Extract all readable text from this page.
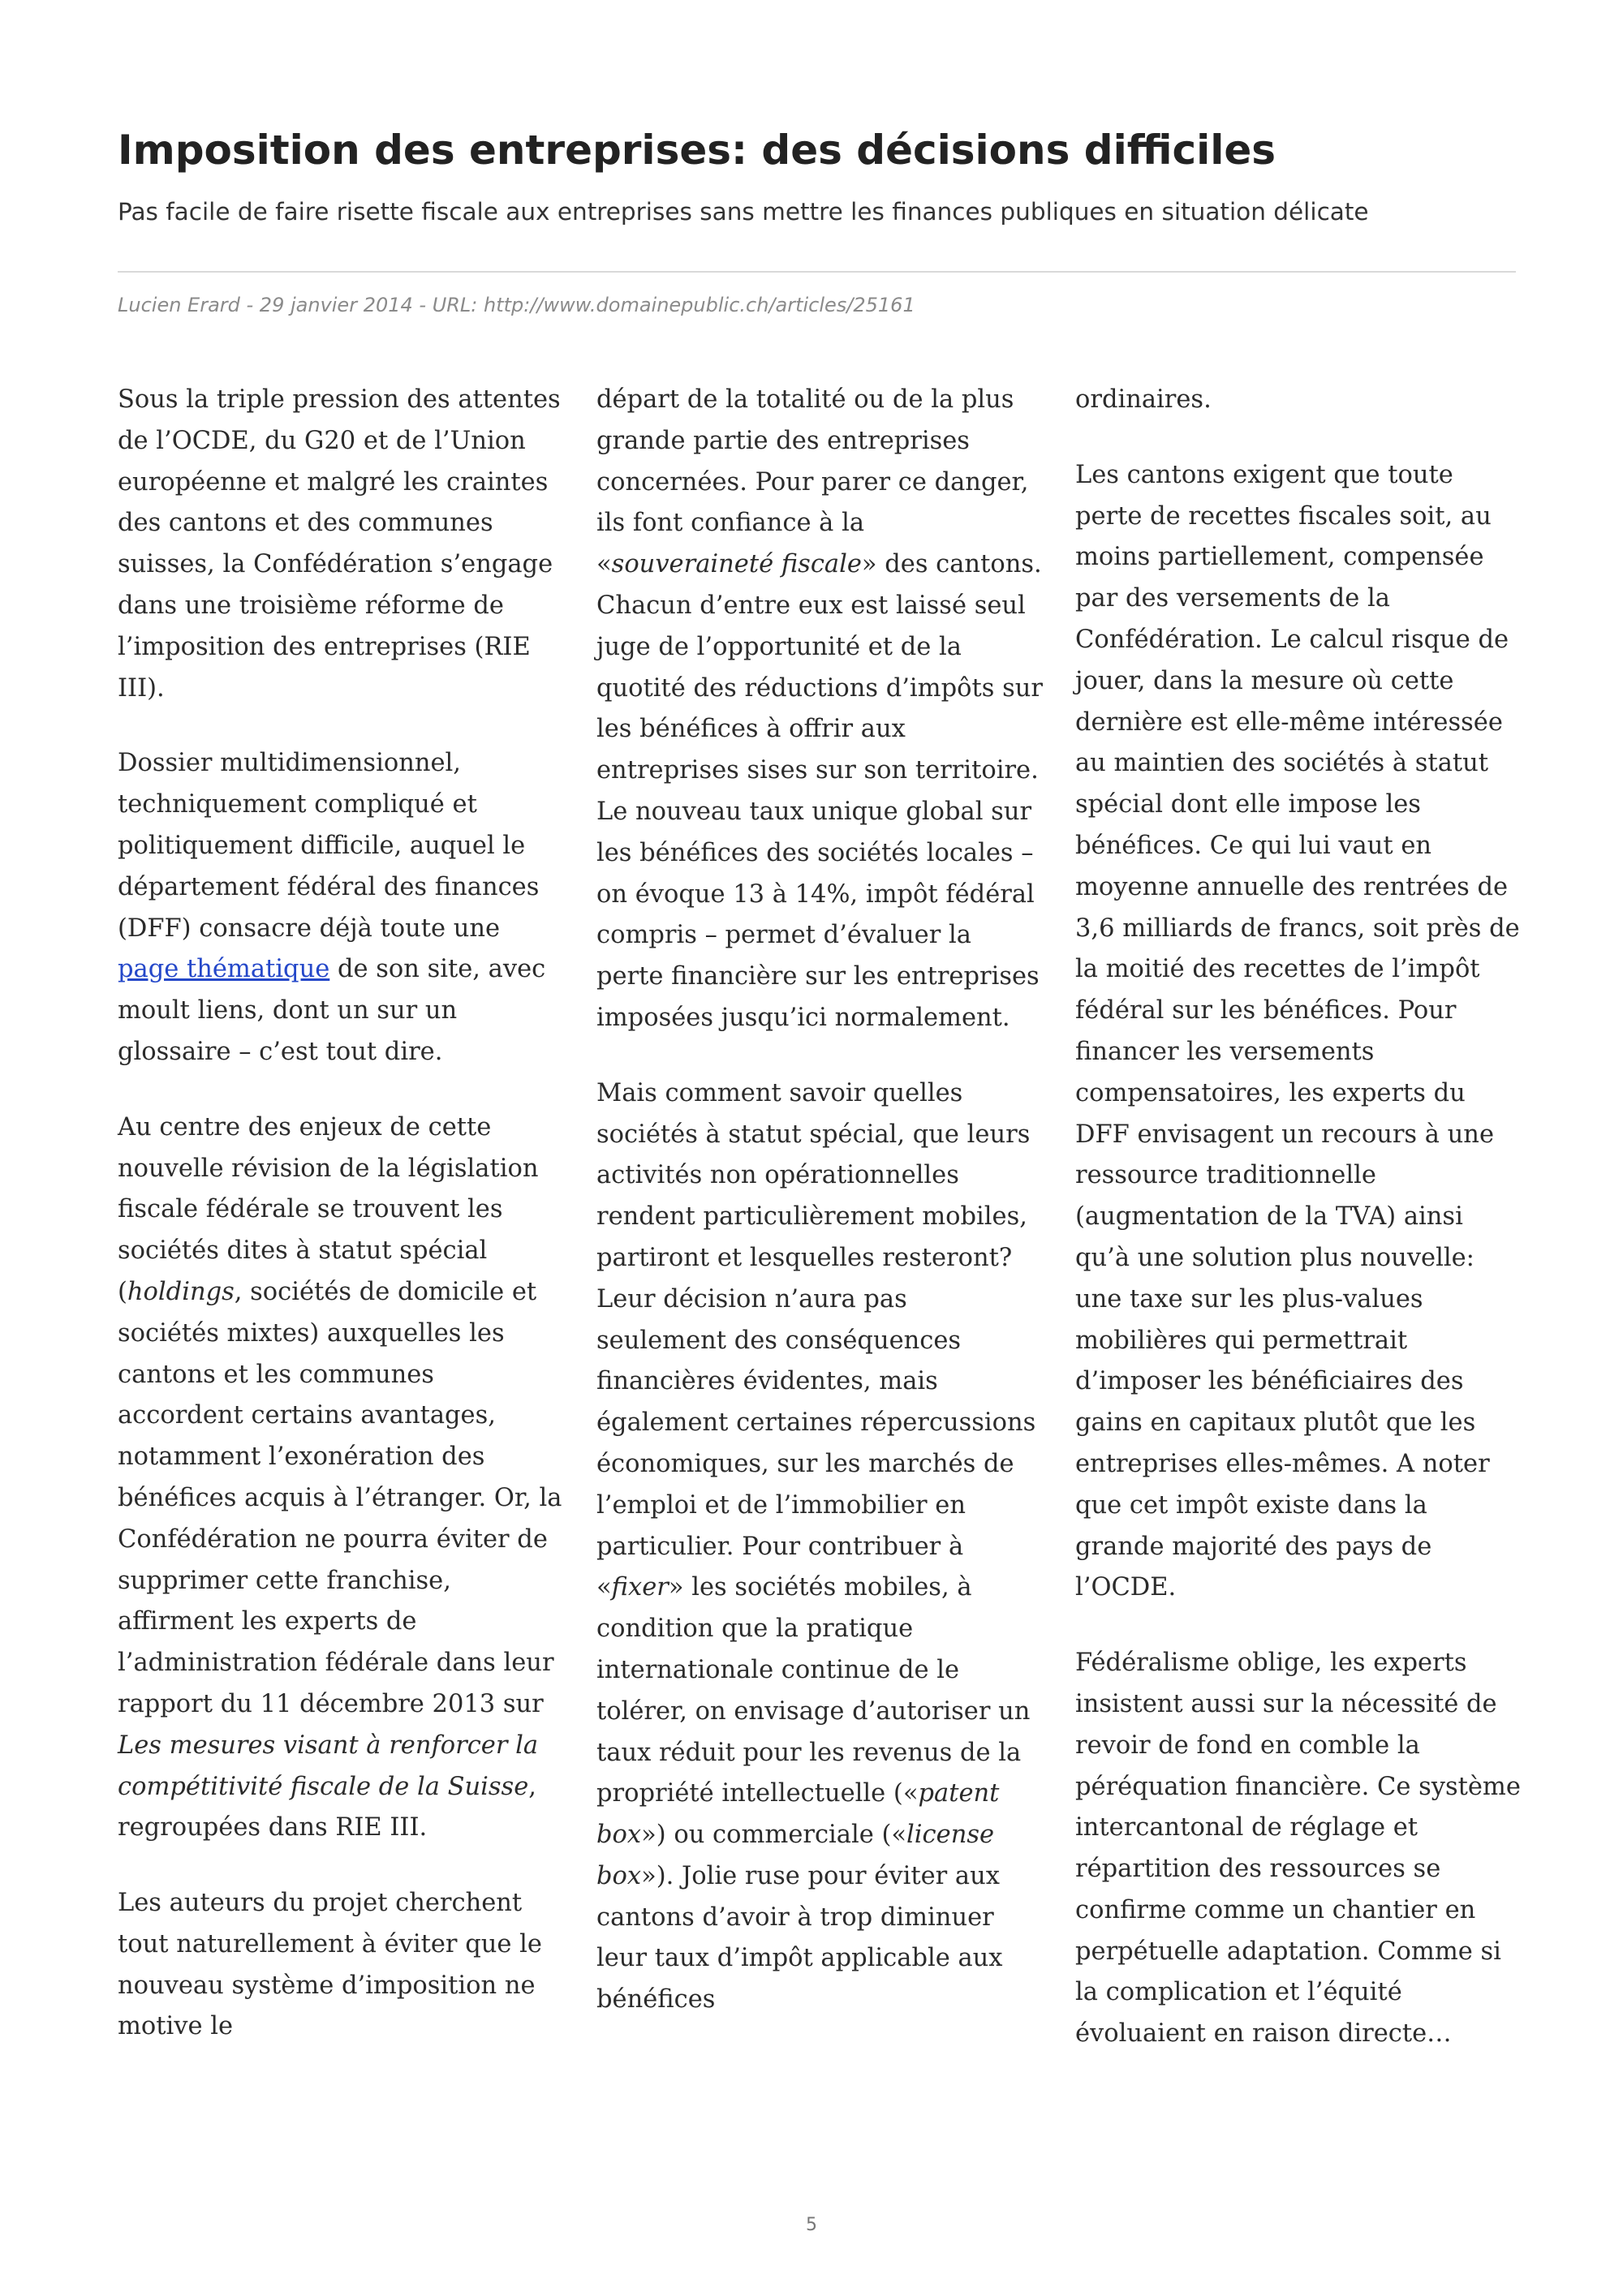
Imposition des entreprises: des décisions difficiles

Pas facile de faire risette fiscale aux entreprises sans mettre les finances publiques en situation délicate

Lucien Erard - 29 janvier 2014 - URL: http://www.domainepublic.ch/articles/25161

Sous la triple pression des attentes de l’OCDE, du G20 et de l’Union européenne et malgré les craintes des cantons et des communes suisses, la Confédération s’engage dans une troisième réforme de l’imposition des entreprises (RIE III).

Dossier multidimensionnel, techniquement compliqué et politiquement difficile, auquel le département fédéral des finances (DFF) consacre déjà toute une page thématique de son site, avec moult liens, dont un sur un glossaire – c’est tout dire.

Au centre des enjeux de cette nouvelle révision de la législation fiscale fédérale se trouvent les sociétés dites à statut spécial (holdings, sociétés de domicile et sociétés mixtes) auxquelles les cantons et les communes accordent certains avantages, notamment l’exonération des bénéfices acquis à l’étranger. Or, la Confédération ne pourra éviter de supprimer cette franchise, affirment les experts de l’administration fédérale dans leur rapport du 11 décembre 2013 sur Les mesures visant à renforcer la compétitivité fiscale de la Suisse, regroupées dans RIE III.

Les auteurs du projet cherchent tout naturellement à éviter que le nouveau système d’imposition ne motive le

départ de la totalité ou de la plus grande partie des entreprises concernées. Pour parer ce danger, ils font confiance à la «souveraineté fiscale» des cantons. Chacun d’entre eux est laissé seul juge de l’opportunité et de la quotité des réductions d’impôts sur les bénéfices à offrir aux entreprises sises sur son territoire. Le nouveau taux unique global sur les bénéfices des sociétés locales – on évoque 13 à 14%, impôt fédéral compris – permet d’évaluer la perte financière sur les entreprises imposées jusqu’ici normalement.

Mais comment savoir quelles sociétés à statut spécial, que leurs activités non opérationnelles rendent particulièrement mobiles, partiront et lesquelles resteront? Leur décision n’aura pas seulement des conséquences financières évidentes, mais également certaines répercussions économiques, sur les marchés de l’emploi et de l’immobilier en particulier. Pour contribuer à «fixer» les sociétés mobiles, à condition que la pratique internationale continue de le tolérer, on envisage d’autoriser un taux réduit pour les revenus de la propriété intellectuelle («patent box») ou commerciale («license box»). Jolie ruse pour éviter aux cantons d’avoir à trop diminuer leur taux d’impôt applicable aux bénéfices

ordinaires.

Les cantons exigent que toute perte de recettes fiscales soit, au moins partiellement, compensée par des versements de la Confédération. Le calcul risque de jouer, dans la mesure où cette dernière est elle-même intéressée au maintien des sociétés à statut spécial dont elle impose les bénéfices. Ce qui lui vaut en moyenne annuelle des rentrées de 3,6 milliards de francs, soit près de la moitié des recettes de l’impôt fédéral sur les bénéfices. Pour financer les versements compensatoires, les experts du DFF envisagent un recours à une ressource traditionnelle (augmentation de la TVA) ainsi qu’à une solution plus nouvelle: une taxe sur les plus-values mobilières qui permettrait d’imposer les bénéficiaires des gains en capitaux plutôt que les entreprises elles-mêmes. A noter que cet impôt existe dans la grande majorité des pays de l’OCDE.

Fédéralisme oblige, les experts insistent aussi sur la nécessité de revoir de fond en comble la péréquation financière. Ce système intercantonal de réglage et répartition des ressources se confirme comme un chantier en perpétuelle adaptation. Comme si la complication et l’équité évoluaient en raison directe…

5
